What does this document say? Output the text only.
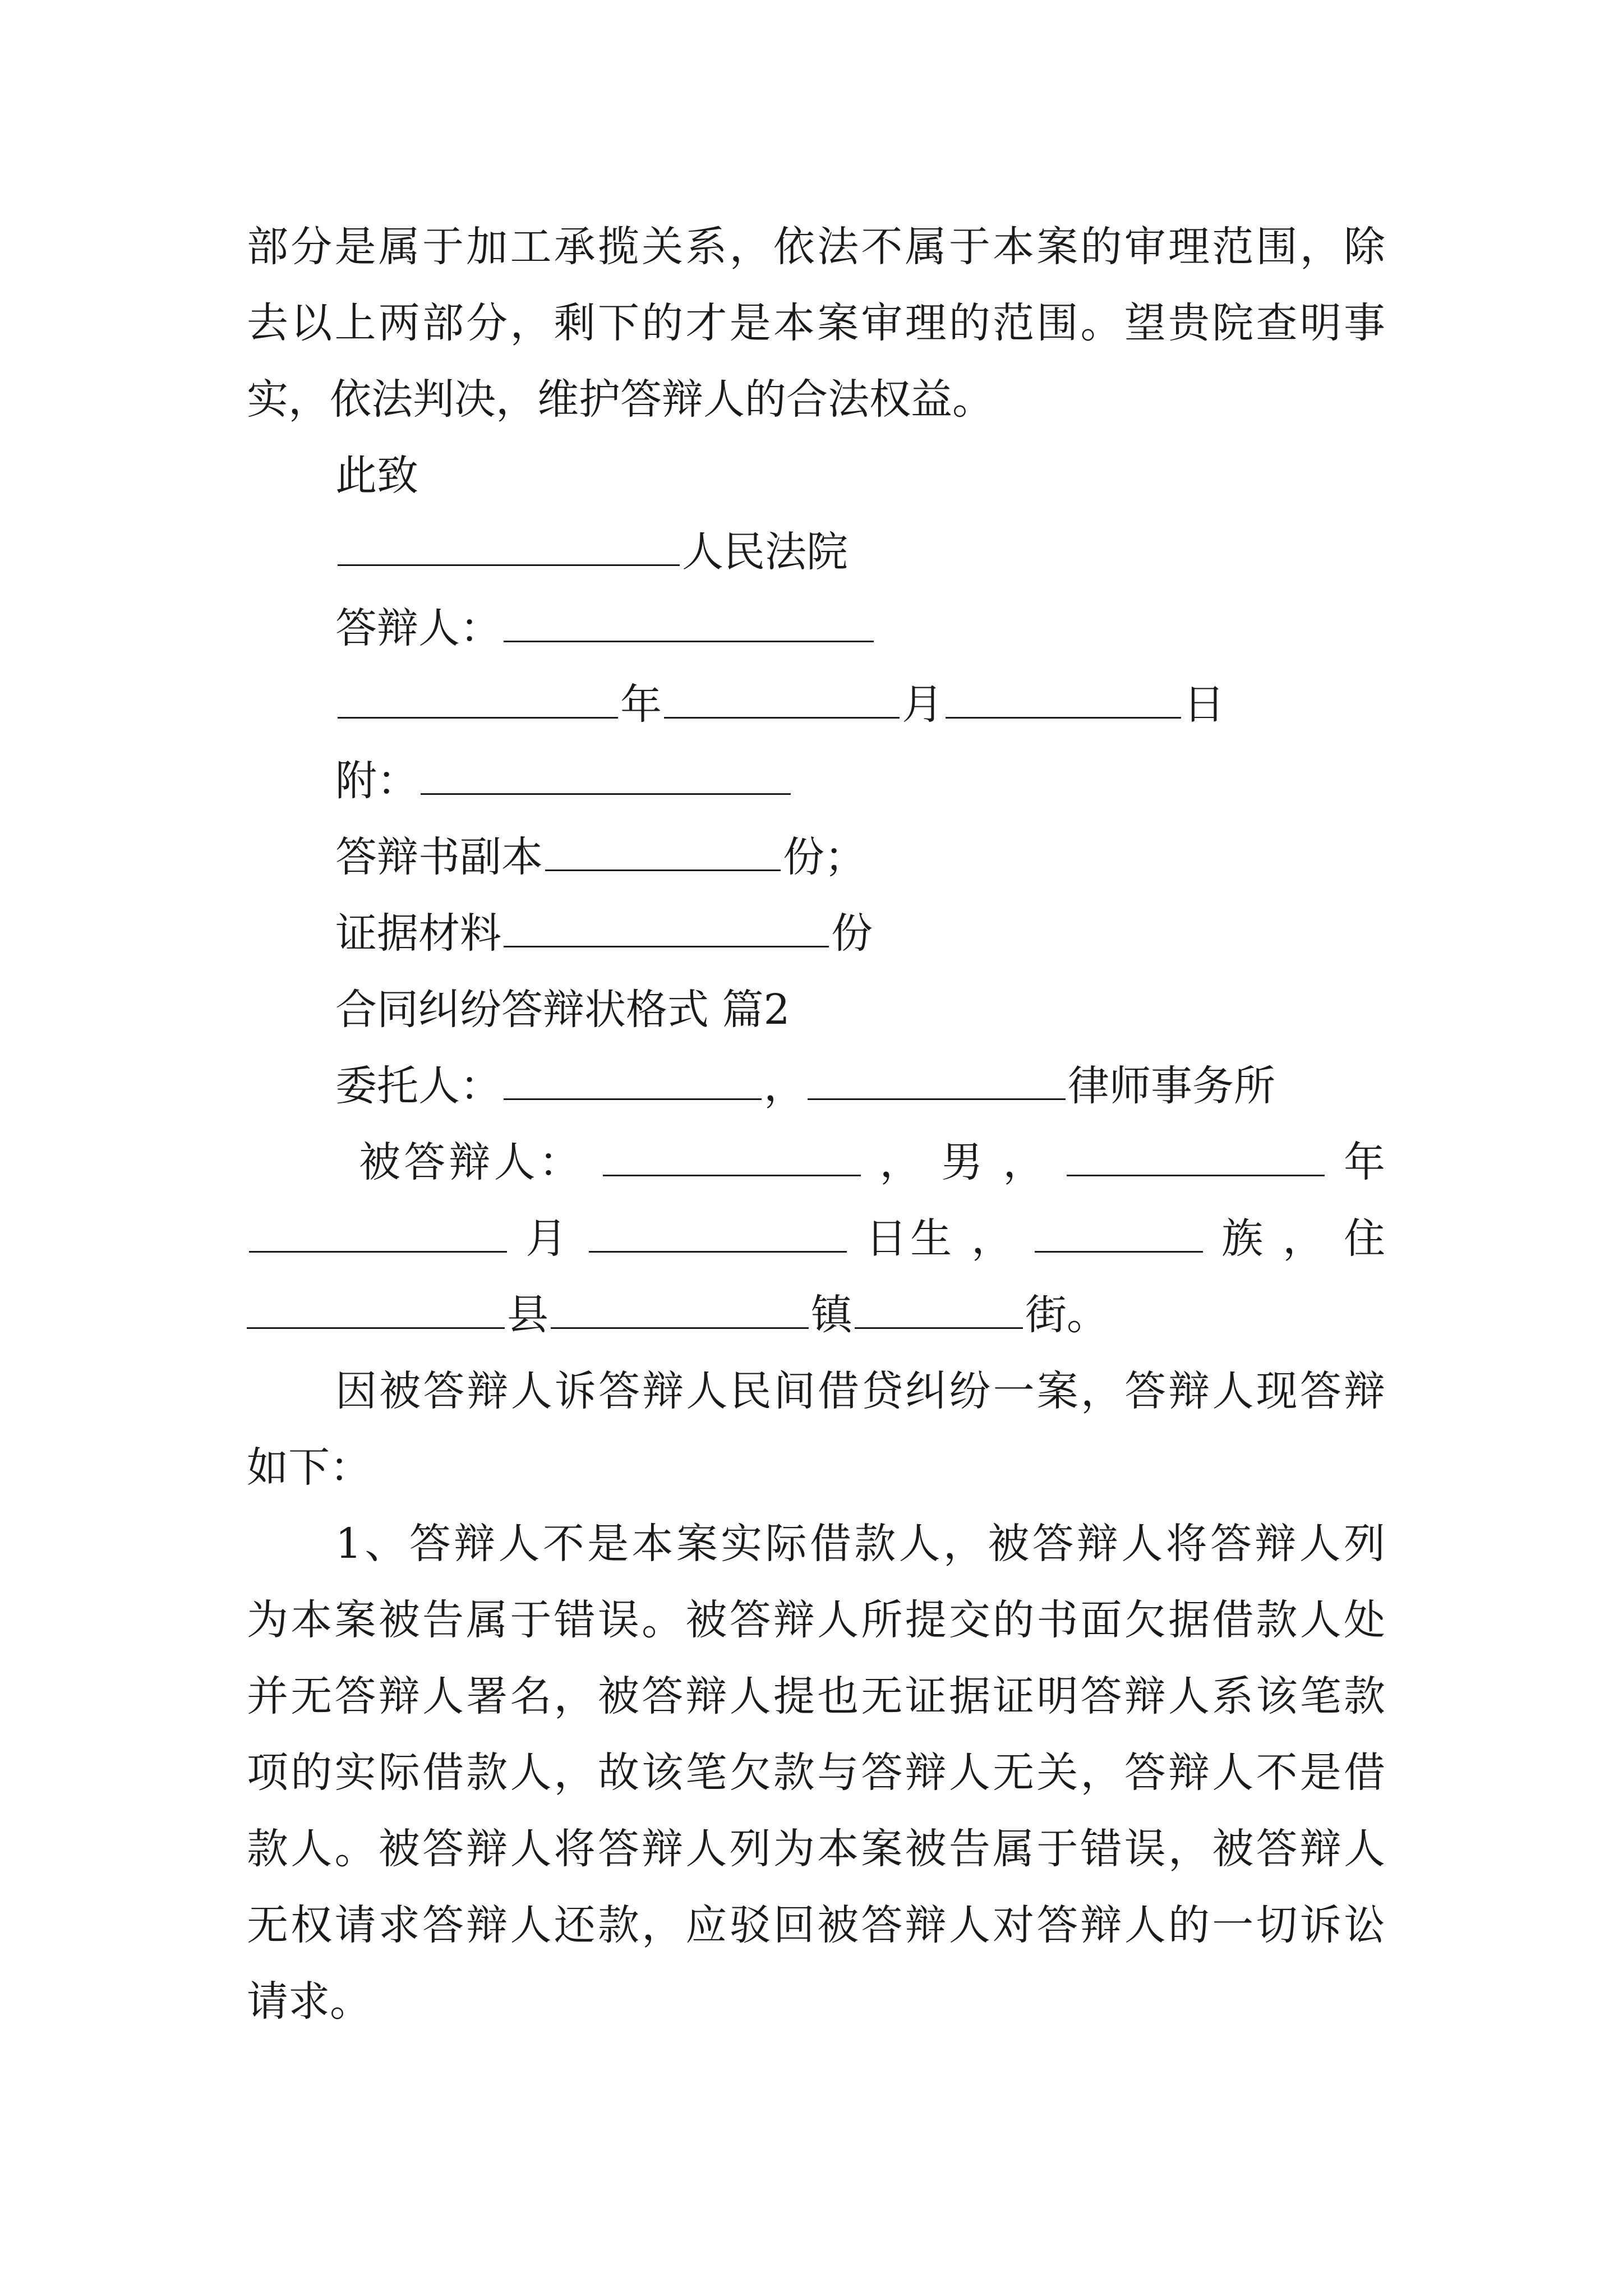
部分是属于加工承揽关系，依法不属于本案的审理范围，除
去以上两部分，剩下的才是本案审理的范围。望贵院查明事
实，依法判决，维护答辩人的合法权益。
此致
人民法院
答辩人：
年	月	日
附：
答辩书副本	份；
证据材料	份
合同纠纷答辩状格式 篇2
委托人：	，	律师事务所
被答辩人：	， 男 ，	年
月	日生 ，	族 ， 住
县	镇	街。
因被答辩人诉答辩人民间借贷纠纷一案，答辩人现答辩
如下：
1、答辩人不是本案实际借款人，被答辩人将答辩人列
为本案被告属于错误。被答辩人所提交的书面欠据借款人处
并无答辩人署名，被答辩人提也无证据证明答辩人系该笔款
项的实际借款人，故该笔欠款与答辩人无关，答辩人不是借
款人。被答辩人将答辩人列为本案被告属于错误，被答辩人
无权请求答辩人还款，应驳回被答辩人对答辩人的一切诉讼
请求。
